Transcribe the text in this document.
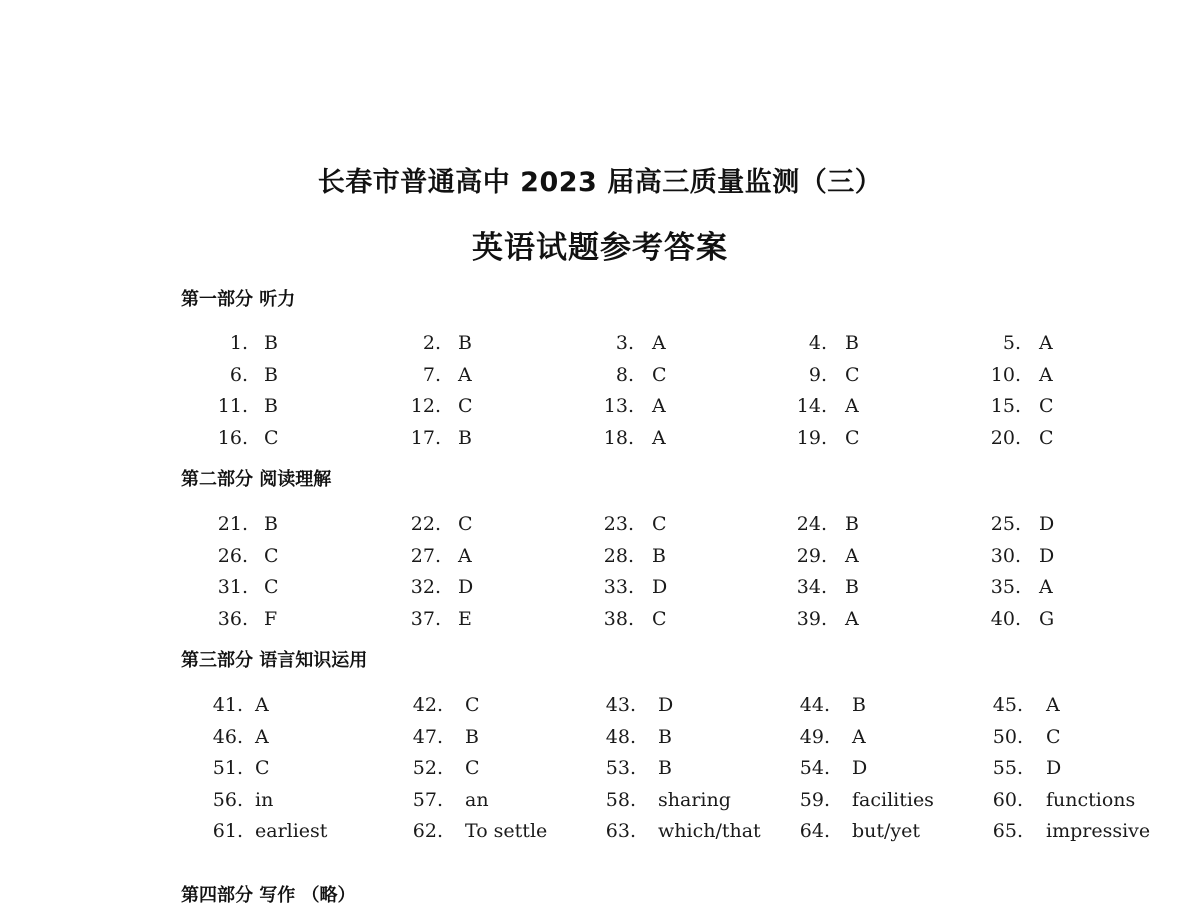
长春市普通高中 2023 届高三质量监测（三）
英语试题参考答案
第一部分 听力
第二部分 阅读理解
第三部分 语言知识运用
第四部分 写作 （略）
1. B	2. B	3. A	4. B	5. A
6. B	7. A	8. C	9. C	10. A
11. B	12. C	13. A	14. A	15. C
16. C	17. B	18. A	19. C	20. C
21. B	22. C	23. C	24. B	25. D
26. C	27. A	28. B	29. A	30. D
31. C	32. D	33. D	34. B	35. A
36. F	37. E	38. C	39. A	40. G
41. A	42. C	43. D	44. B	45. A
46. A	47. B	48. B	49. A	50. C
51. C	52. C	53. B	54. D	55. D
56. in	57. an	58. sharing	59. facilities	60. functions
61. earliest	62. To settle	63. which/that	64. but/yet	65. impressive
